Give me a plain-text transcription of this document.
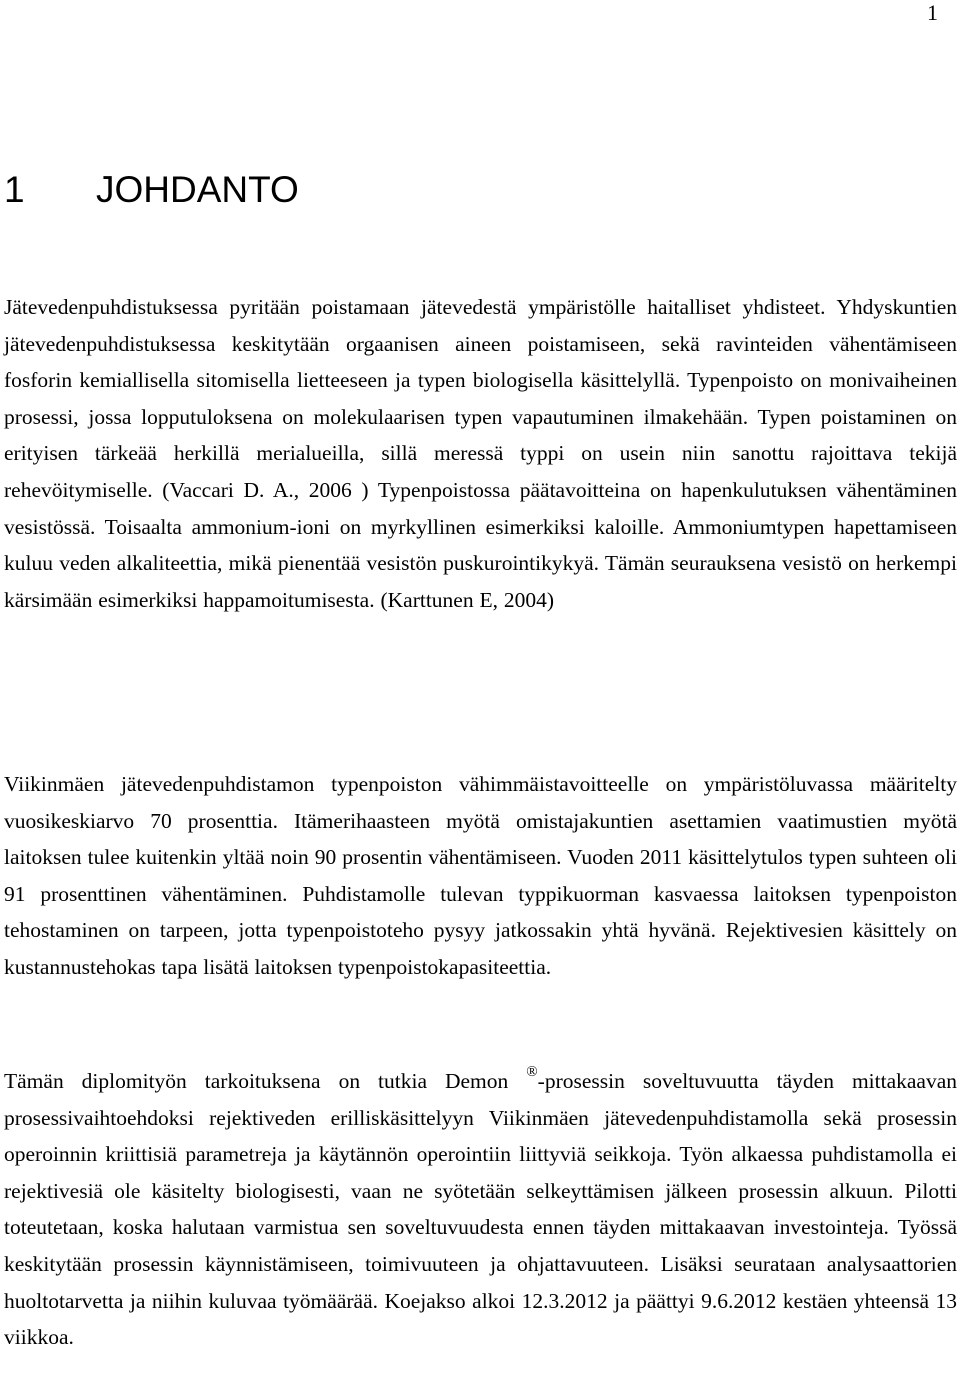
1
1 JOHDANTO

Jätevedenpuhdistuksessa pyritään poistamaan jätevedestä ympäristölle haitalliset yhdisteet. Yhdyskuntien jätevedenpuhdistuksessa keskitytään orgaanisen aineen poistamiseen, sekä ravinteiden vähentämiseen fosforin kemiallisella sitomisella lietteeseen ja typen biologisella käsittelyllä. Typenpoisto on monivaiheinen prosessi, jossa lopputuloksena on molekulaarisen typen vapautuminen ilmakehään. Typen poistaminen on erityisen tärkeää herkillä merialueilla, sillä meressä typpi on usein niin sanottu rajoittava tekijä rehevöitymiselle. (Vaccari D. A., 2006 ) Typenpoistossa päätavoitteina on hapenkulutuksen vähentäminen vesistössä. Toisaalta ammonium-ioni on myrkyllinen esimerkiksi kaloille. Ammoniumtypen hapettamiseen kuluu veden alkaliteettia, mikä pienentää vesistön puskurointikykyä. Tämän seurauksena vesistö on herkempi kärsimään esimerkiksi happamoitumisesta. (Karttunen E, 2004)

Viikinmäen jätevedenpuhdistamon typenpoiston vähimmäistavoitteelle on ympäristöluvassa määritelty vuosikeskiarvo 70 prosenttia. Itämerihaasteen myötä omistajakuntien asettamien vaatimustien myötä laitoksen tulee kuitenkin yltää noin 90 prosentin vähentämiseen. Vuoden 2011 käsittelytulos typen suhteen oli 91 prosenttinen vähentäminen. Puhdistamolle tulevan typpikuorman kasvaessa laitoksen typenpoiston tehostaminen on tarpeen, jotta typenpoistoteho pysyy jatkossakin yhtä hyvänä. Rejektivesien käsittely on kustannustehokas tapa lisätä laitoksen typenpoistokapasiteettia.

Tämän diplomityön tarkoituksena on tutkia Demon ®-prosessin soveltuvuutta täyden mittakaavan prosessivaihtoehdoksi rejektiveden erilliskäsittelyyn Viikinmäen jätevedenpuhdistamolla sekä prosessin operoinnin kriittisiä parametreja ja käytännön operointiin liittyviä seikkoja. Työn alkaessa puhdistamolla ei rejektivesiä ole käsitelty biologisesti, vaan ne syötetään selkeyttämisen jälkeen prosessin alkuun. Pilotti toteutetaan, koska halutaan varmistua sen soveltuvuudesta ennen täyden mittakaavan investointeja. Työssä keskitytään prosessin käynnistämiseen, toimivuuteen ja ohjattavuuteen. Lisäksi seurataan analysaattorien huoltotarvetta ja niihin kuluvaa työmäärää. Koejakso alkoi 12.3.2012 ja päättyi 9.6.2012 kestäen yhteensä 13 viikkoa.
